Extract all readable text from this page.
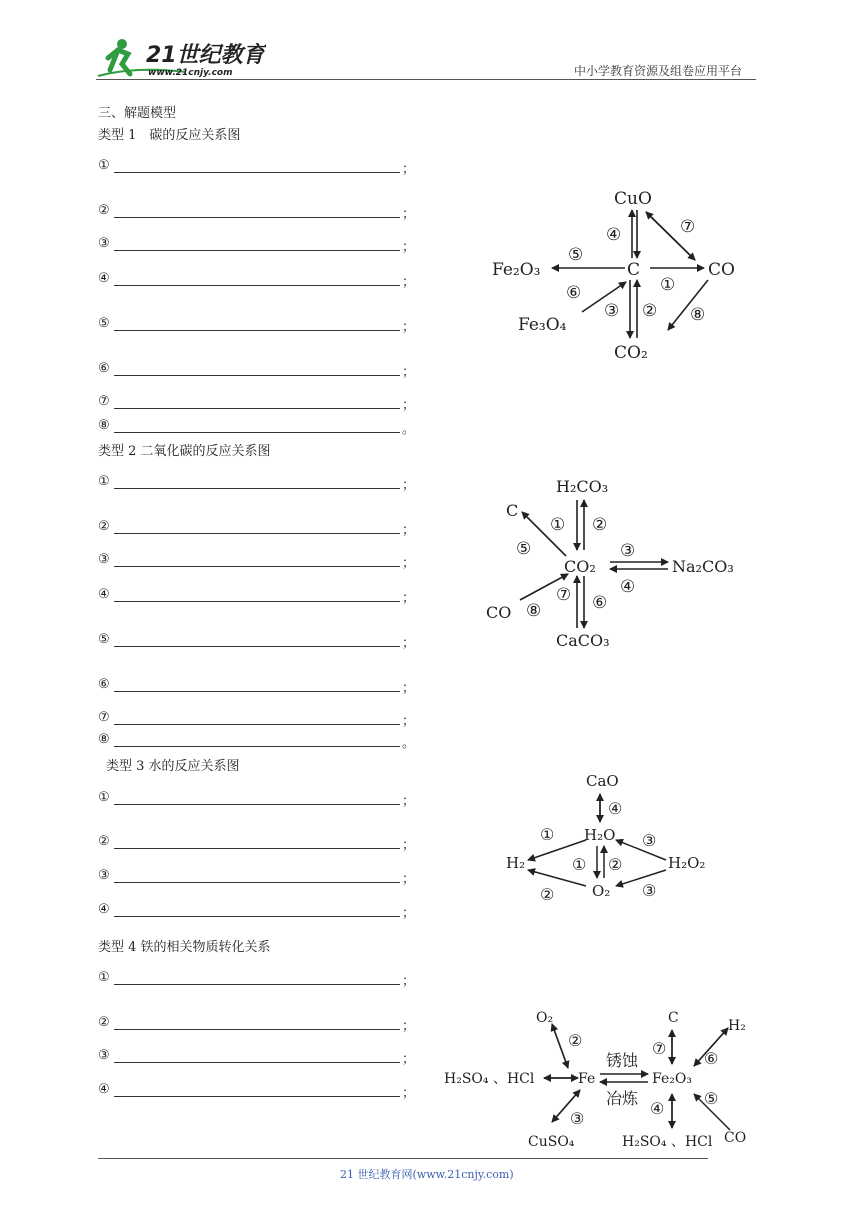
21世纪教育
www.21cnjy.com	中小学教育资源及组卷应用平台
三、解题模型
类型 1　碳的反应关系图
①	；
②	；
③	；
④	；
⑤	；
⑥	；
⑦	；
⑧	。
类型 2 二氧化碳的反应关系图
①	；
②	；
③	；
④	；
⑤	；
⑥	；
⑦	；
⑧	。
类型 3 水的反应关系图
①	；
②	；
③	；
④	；
类型 4 铁的相关物质转化关系
①	；
②	；
③	；
④	；
CuO
C	CO
Fe₂O₃
Fe₃O₄
CO₂
①
②
③
④
⑤
⑥
⑦
⑧
H₂CO₃
C
CO₂	Na₂CO₃
CO
CaCO₃
① ②
③
④
⑤
⑥
⑦
⑧
CaO
H₂O
H₂	H₂O₂
O₂
①
① ②
②
③
③
④
O₂	C	H₂
H₂SO₄ 、HCl	Fe	Fe₂O₃
CuSO₄	H₂SO₄ 、HCl CO
锈蚀
冶炼
②
③
④
⑤
⑥
⑦
21 世纪教育网(www.21cnjy.com)
